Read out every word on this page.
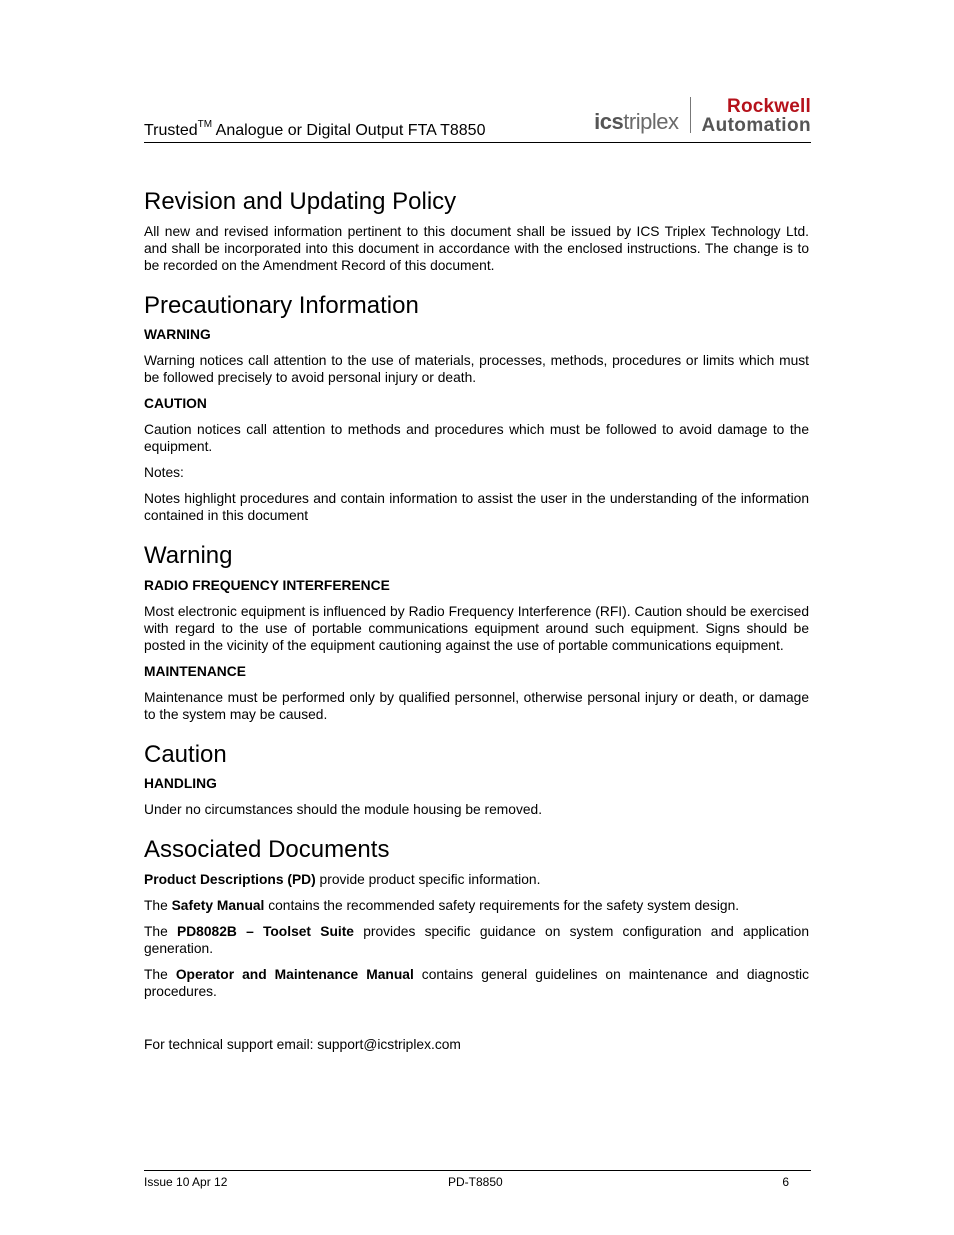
Trusted™ Analogue or Digital Output FTA T8850	icstriplex
Rockwell
Automation
Revision and Updating Policy

All new and revised information pertinent to this document shall be issued by ICS Triplex Technology Ltd. and shall be incorporated into this document in accordance with the enclosed instructions. The change is to be recorded on the Amendment Record of this document.

Precautionary Information
WARNING

Warning notices call attention to the use of materials, processes, methods, procedures or limits which must be followed precisely to avoid personal injury or death.

CAUTION

Caution notices call attention to methods and procedures which must be followed to avoid damage to the equipment.

Notes:

Notes highlight procedures and contain information to assist the user in the understanding of the information contained in this document

Warning
RADIO FREQUENCY INTERFERENCE

Most electronic equipment is influenced by Radio Frequency Interference (RFI). Caution should be exercised with regard to the use of portable communications equipment around such equipment. Signs should be posted in the vicinity of the equipment cautioning against the use of portable communications equipment.

MAINTENANCE

Maintenance must be performed only by qualified personnel, otherwise personal injury or death, or damage to the system may be caused.

Caution
HANDLING

Under no circumstances should the module housing be removed.

Associated Documents

Product Descriptions (PD) provide product specific information.

The Safety Manual contains the recommended safety requirements for the safety system design.

The PD8082B – Toolset Suite provides specific guidance on system configuration and application generation.

The Operator and Maintenance Manual contains general guidelines on maintenance and diagnostic procedures.

For technical support email: support@icstriplex.com

Issue 10 Apr 12	PD-T8850	6
